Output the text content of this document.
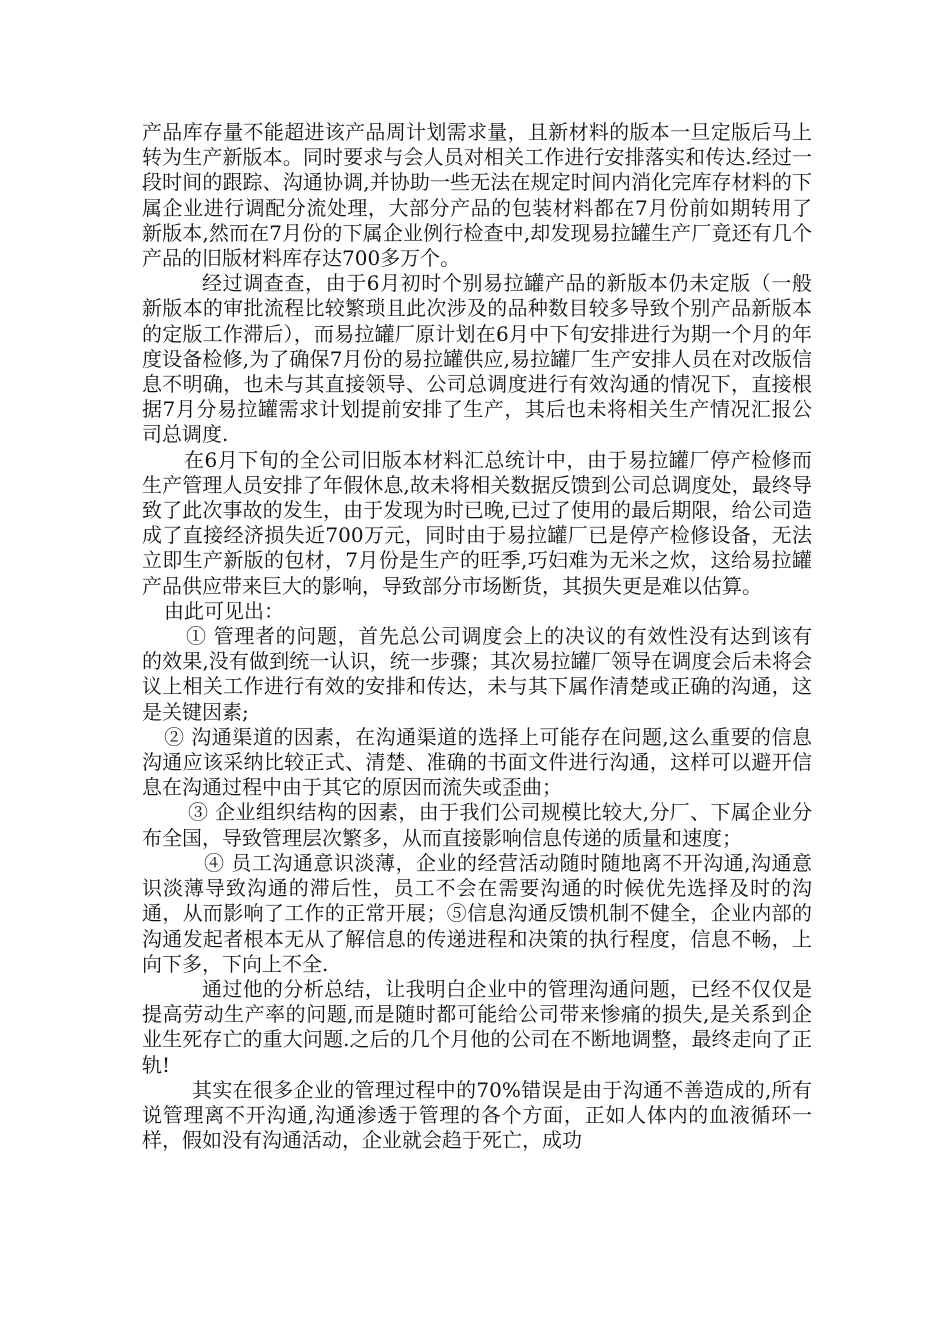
产品库存量不能超进该产品周计划需求量，且新材料的版本一旦定版后马上转为生产新版本。同时要求与会人员对相关工作进行安排落实和传达.经过一段时间的跟踪、沟通协调,并协助一些无法在规定时间内消化完库存材料的下属企业进行调配分流处理，大部分产品的包装材料都在7月份前如期转用了新版本,然而在7月份的下属企业例行检查中,却发现易拉罐生产厂竟还有几个产品的旧版材料库存达700多万个。

经过调查查，由于6月初时个别易拉罐产品的新版本仍未定版（一般新版本的审批流程比较繁琐且此次涉及的品种数目较多导致个别产品新版本的定版工作滞后），而易拉罐厂原计划在6月中下旬安排进行为期一个月的年度设备检修,为了确保7月份的易拉罐供应,易拉罐厂生产安排人员在对改版信息不明确，也未与其直接领导、公司总调度进行有效沟通的情况下，直接根据7月分易拉罐需求计划提前安排了生产，其后也未将相关生产情况汇报公司总调度.

在6月下旬的全公司旧版本材料汇总统计中，由于易拉罐厂停产检修而生产管理人员安排了年假休息,故未将相关数据反馈到公司总调度处，最终导致了此次事故的发生，由于发现为时已晚,已过了使用的最后期限，给公司造成了直接经济损失近700万元，同时由于易拉罐厂已是停产检修设备，无法立即生产新版的包材，7月份是生产的旺季,巧妇难为无米之炊，这给易拉罐产品供应带来巨大的影响，导致部分市场断货，其损失更是难以估算。

由此可见出：

① 管理者的问题，首先总公司调度会上的决议的有效性没有达到该有的效果,没有做到统一认识，统一步骤；其次易拉罐厂领导在调度会后未将会议上相关工作进行有效的安排和传达，未与其下属作清楚或正确的沟通，这是关键因素;

② 沟通渠道的因素，在沟通渠道的选择上可能存在问题,这么重要的信息沟通应该采纳比较正式、清楚、准确的书面文件进行沟通，这样可以避开信息在沟通过程中由于其它的原因而流失或歪曲；

③ 企业组织结构的因素，由于我们公司规模比较大,分厂、下属企业分布全国，导致管理层次繁多，从而直接影响信息传递的质量和速度；

④ 员工沟通意识淡薄，企业的经营活动随时随地离不开沟通,沟通意识淡薄导致沟通的滞后性，员工不会在需要沟通的时候优先选择及时的沟通，从而影响了工作的正常开展；⑤信息沟通反馈机制不健全，企业内部的沟通发起者根本无从了解信息的传递进程和决策的执行程度，信息不畅，上向下多，下向上不全.

通过他的分析总结，让我明白企业中的管理沟通问题，已经不仅仅是提高劳动生产率的问题,而是随时都可能给公司带来惨痛的损失,是关系到企业生死存亡的重大问题.之后的几个月他的公司在不断地调整，最终走向了正轨!

其实在很多企业的管理过程中的70%错误是由于沟通不善造成的,所有说管理离不开沟通,沟通渗透于管理的各个方面，正如人体内的血液循环一样，假如没有沟通活动，企业就会趋于死亡，成功
